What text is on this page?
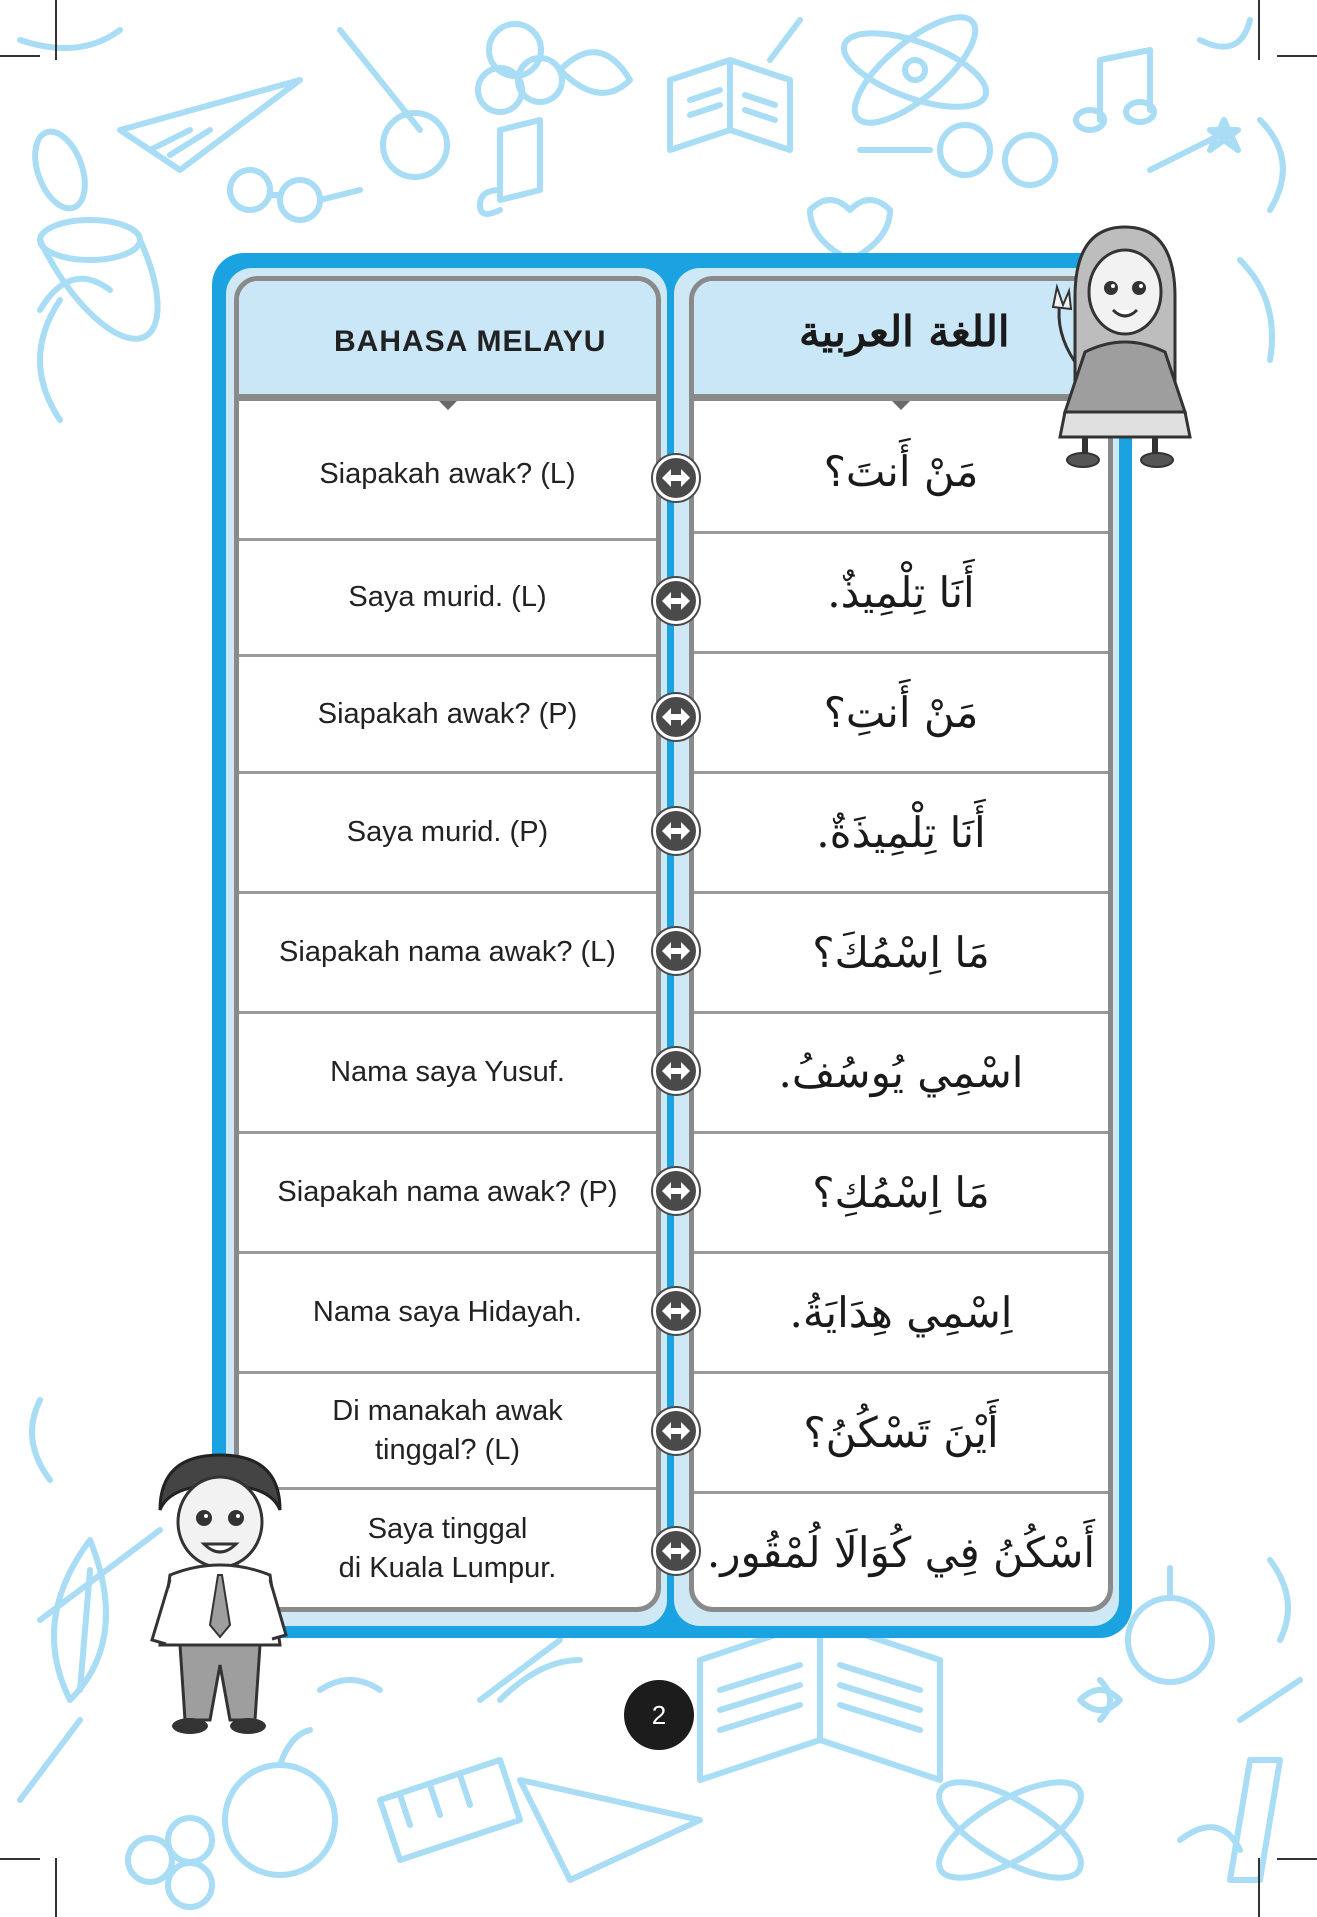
BAHASA MELAYU
Siapakah awak? (L)
Saya murid. (L)
Siapakah awak? (P)
Saya murid. (P)
Siapakah nama awak? (L)
Nama saya Yusuf.
Siapakah nama awak? (P)
Nama saya Hidayah.
Di manakah awak
tinggal? (L)
Saya tinggal
di Kuala Lumpur.
اللغة العربية
مَنْ أَنتَ؟
أَنَا تِلْمِيذٌ.
مَنْ أَنتِ؟
أَنَا تِلْمِيذَةٌ.
مَا اِسْمُكَ؟
اسْمِي يُوسُفُ.
مَا اِسْمُكِ؟
اِسْمِي هِدَايَةُ.
أَيْنَ تَسْكُنُ؟
أَسْكُنُ فِي كُوَالَا لُمْقُور.
2
